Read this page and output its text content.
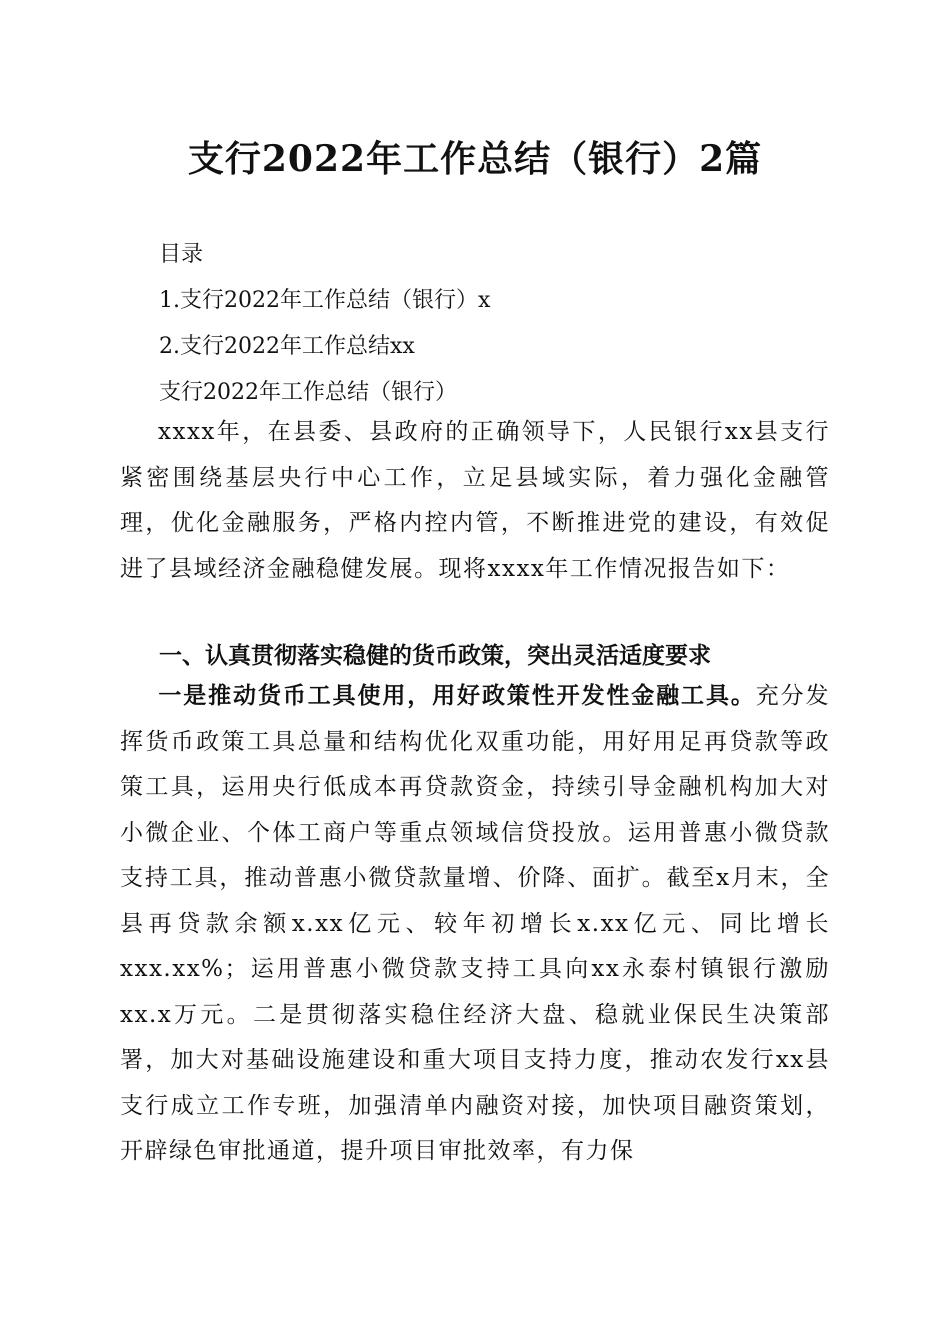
支行2022年工作总结（银行）2篇
目录
1.支行2022年工作总结（银行）x
2.支行2022年工作总结xx
支行2022年工作总结（银行）
xxxx年，在县委、县政府的正确领导下，人民银行xx县支行紧密围绕基层央行中心工作，立足县域实际，着力强化金融管理，优化金融服务，严格内控内管，不断推进党的建设，有效促进了县域经济金融稳健发展。现将xxxx年工作情况报告如下：
一、认真贯彻落实稳健的货币政策，突出灵活适度要求
一是推动货币工具使用，用好政策性开发性金融工具。充分发挥货币政策工具总量和结构优化双重功能，用好用足再贷款等政策工具，运用央行低成本再贷款资金，持续引导金融机构加大对小微企业、个体工商户等重点领域信贷投放。运用普惠小微贷款支持工具，推动普惠小微贷款量增、价降、面扩。截至x月末，全县再贷款余额x.xx亿元、较年初增长x.xx亿元、同比增长xxx.xx%；运用普惠小微贷款支持工具向xx永泰村镇银行激励xx.x万元。二是贯彻落实稳住经济大盘、稳就业保民生决策部署，加大对基础设施建设和重大项目支持力度，推动农发行xx县支行成立工作专班，加强清单内融资对接，加快项目融资策划，开辟绿色审批通道，提升项目审批效率，有力保
